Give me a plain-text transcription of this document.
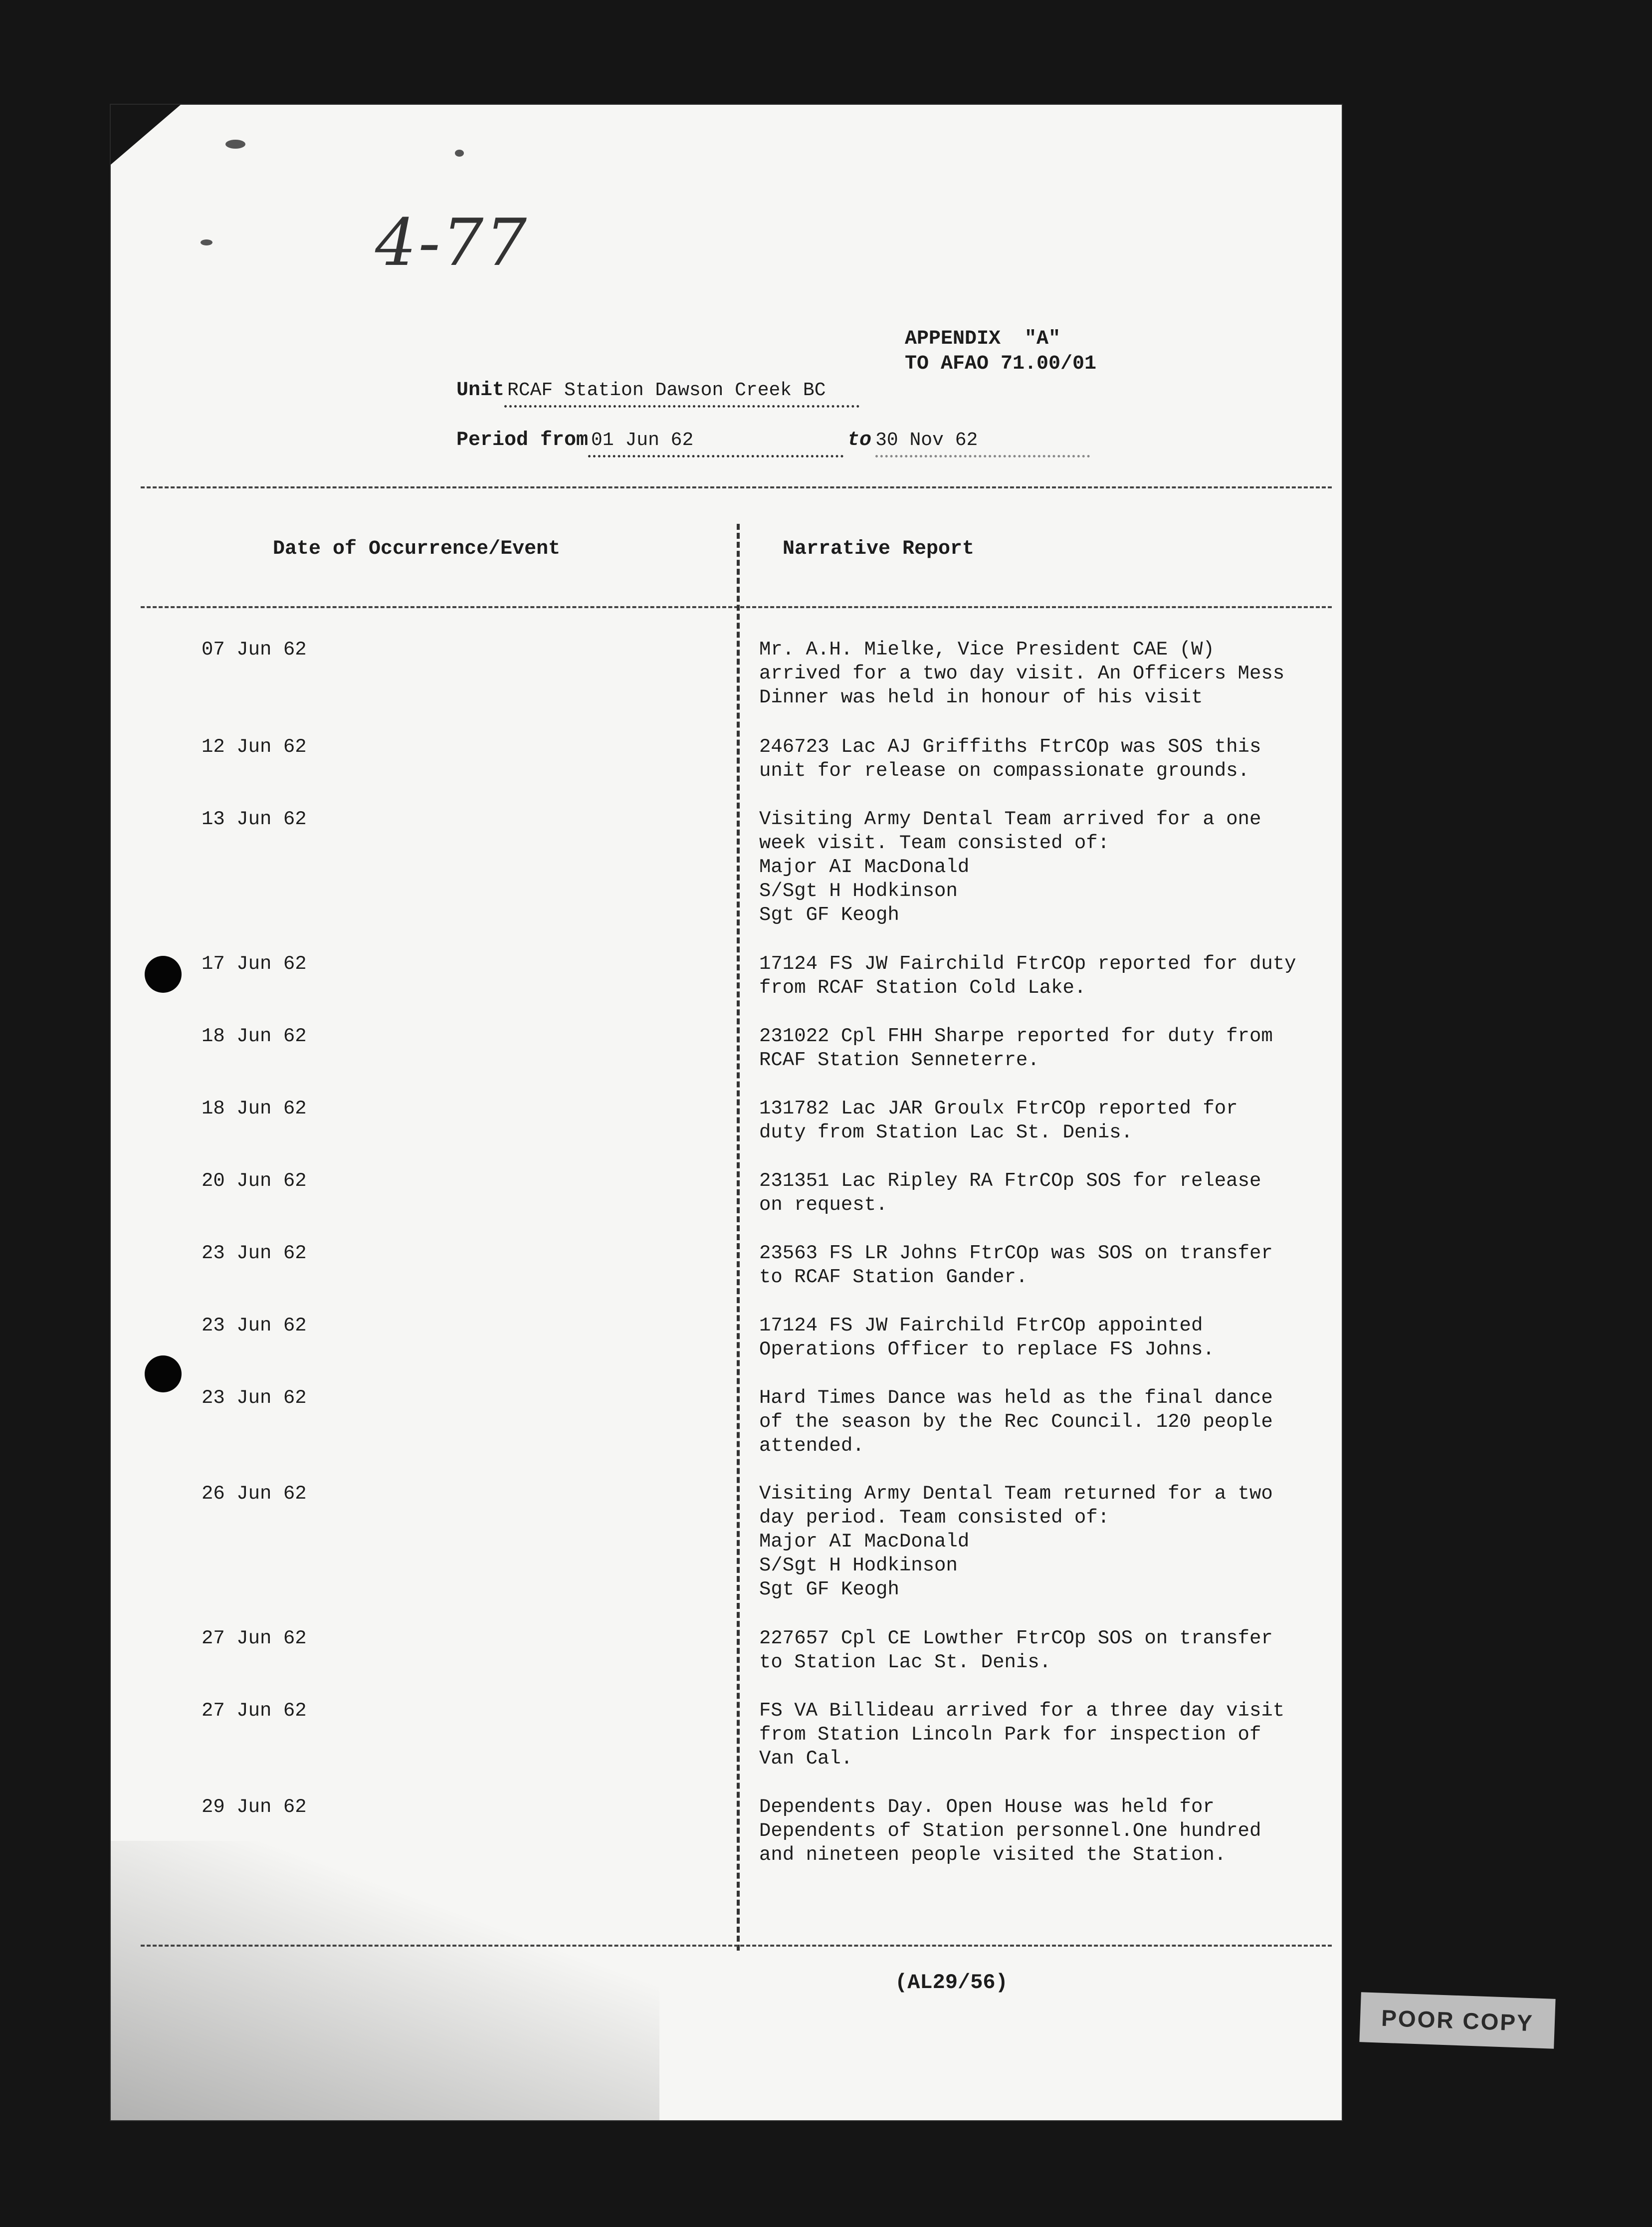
4-77
APPENDIX  "A"
TO AFAO 71.00/01
Unit RCAF Station Dawson Creek BC
Period from 01 Jun 62	to 30 Nov 62
Date of Occurrence/Event	Narrative Report
07 Jun 62	Mr. A.H. Mielke, Vice President CAE (W)
arrived for a two day visit. An Officers Mess
Dinner was held in honour of his visit
12 Jun 62	246723 Lac AJ Griffiths FtrCOp was SOS this
unit for release on compassionate grounds.
13 Jun 62	Visiting Army Dental Team arrived for a one
week visit. Team consisted of:
Major AI MacDonald
S/Sgt H Hodkinson
Sgt GF Keogh
17 Jun 62	17124 FS JW Fairchild FtrCOp reported for duty
from RCAF Station Cold Lake.
18 Jun 62	231022 Cpl FHH Sharpe reported for duty from
RCAF Station Senneterre.
18 Jun 62	131782 Lac JAR Groulx FtrCOp reported for
duty from Station Lac St. Denis.
20 Jun 62	231351 Lac Ripley RA FtrCOp SOS for release
on request.
23 Jun 62	23563 FS LR Johns FtrCOp was SOS on transfer
to RCAF Station Gander.
23 Jun 62	17124 FS JW Fairchild FtrCOp appointed
Operations Officer to replace FS Johns.
23 Jun 62	Hard Times Dance was held as the final dance
of the season by the Rec Council. 120 people
attended.
26 Jun 62	Visiting Army Dental Team returned for a two
day period. Team consisted of:
Major AI MacDonald
S/Sgt H Hodkinson
Sgt GF Keogh
27 Jun 62	227657 Cpl CE Lowther FtrCOp SOS on transfer
to Station Lac St. Denis.
27 Jun 62	FS VA Billideau arrived for a three day visit
from Station Lincoln Park for inspection of
Van Cal.
29 Jun 62	Dependents Day. Open House was held for
Dependents of Station personnel.One hundred
and nineteen people visited the Station.
(AL29/56)
POOR COPY
